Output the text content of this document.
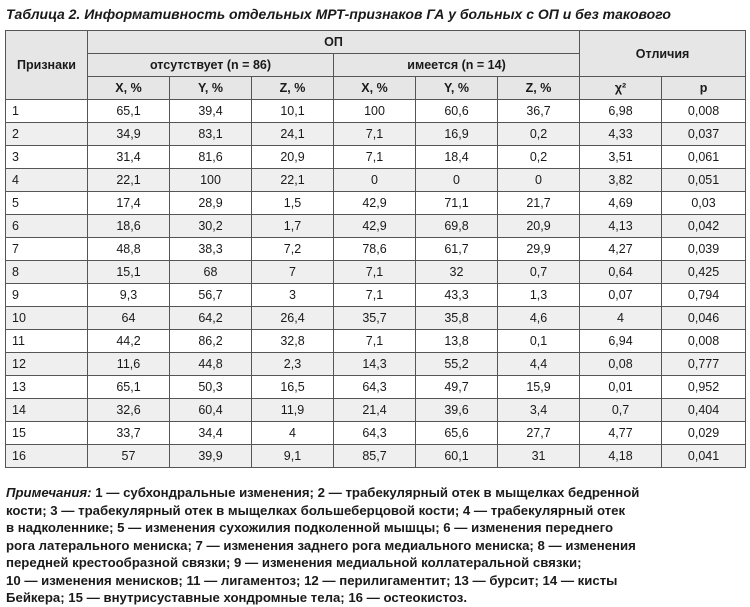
Таблица 2. Информативность отдельных МРТ-признаков ГА у больных с ОП и без такового
Признаки	ОП						Отличия	
	отсутствует (n = 86)			имеется (n = 14)				
	X, %	Y, %	Z, %	X, %	Y, %	Z, %	χ²	p
1	65,1	39,4	10,1	100	60,6	36,7	6,98	0,008
2	34,9	83,1	24,1	7,1	16,9	0,2	4,33	0,037
3	31,4	81,6	20,9	7,1	18,4	0,2	3,51	0,061
4	22,1	100	22,1	0	0	0	3,82	0,051
5	17,4	28,9	1,5	42,9	71,1	21,7	4,69	0,03
6	18,6	30,2	1,7	42,9	69,8	20,9	4,13	0,042
7	48,8	38,3	7,2	78,6	61,7	29,9	4,27	0,039
8	15,1	68	7	7,1	32	0,7	0,64	0,425
9	9,3	56,7	3	7,1	43,3	1,3	0,07	0,794
10	64	64,2	26,4	35,7	35,8	4,6	4	0,046
11	44,2	86,2	32,8	7,1	13,8	0,1	6,94	0,008
12	11,6	44,8	2,3	14,3	55,2	4,4	0,08	0,777
13	65,1	50,3	16,5	64,3	49,7	15,9	0,01	0,952
14	32,6	60,4	11,9	21,4	39,6	3,4	0,7	0,404
15	33,7	34,4	4	64,3	65,6	27,7	4,77	0,029
16	57	39,9	9,1	85,7	60,1	31	4,18	0,041
Примечания: 1 — субхондральные изменения; 2 — трабекулярный отек в мыщелках бедренной
кости; 3 — трабекулярный отек в мыщелках большеберцовой кости; 4 — трабекулярный отек
в надколеннике; 5 — изменения сухожилия подколенной мышцы; 6 — изменения переднего
рога латерального мениска; 7 — изменения заднего рога медиального мениска; 8 — изменения
передней крестообразной связки; 9 — изменения медиальной коллатеральной связки;
10 — изменения менисков; 11 — лигаментоз; 12 — перилигаментит; 13 — бурсит; 14 — кисты
Бейкера; 15 — внутрисуставные хондромные тела; 16 — остеокистоз.
